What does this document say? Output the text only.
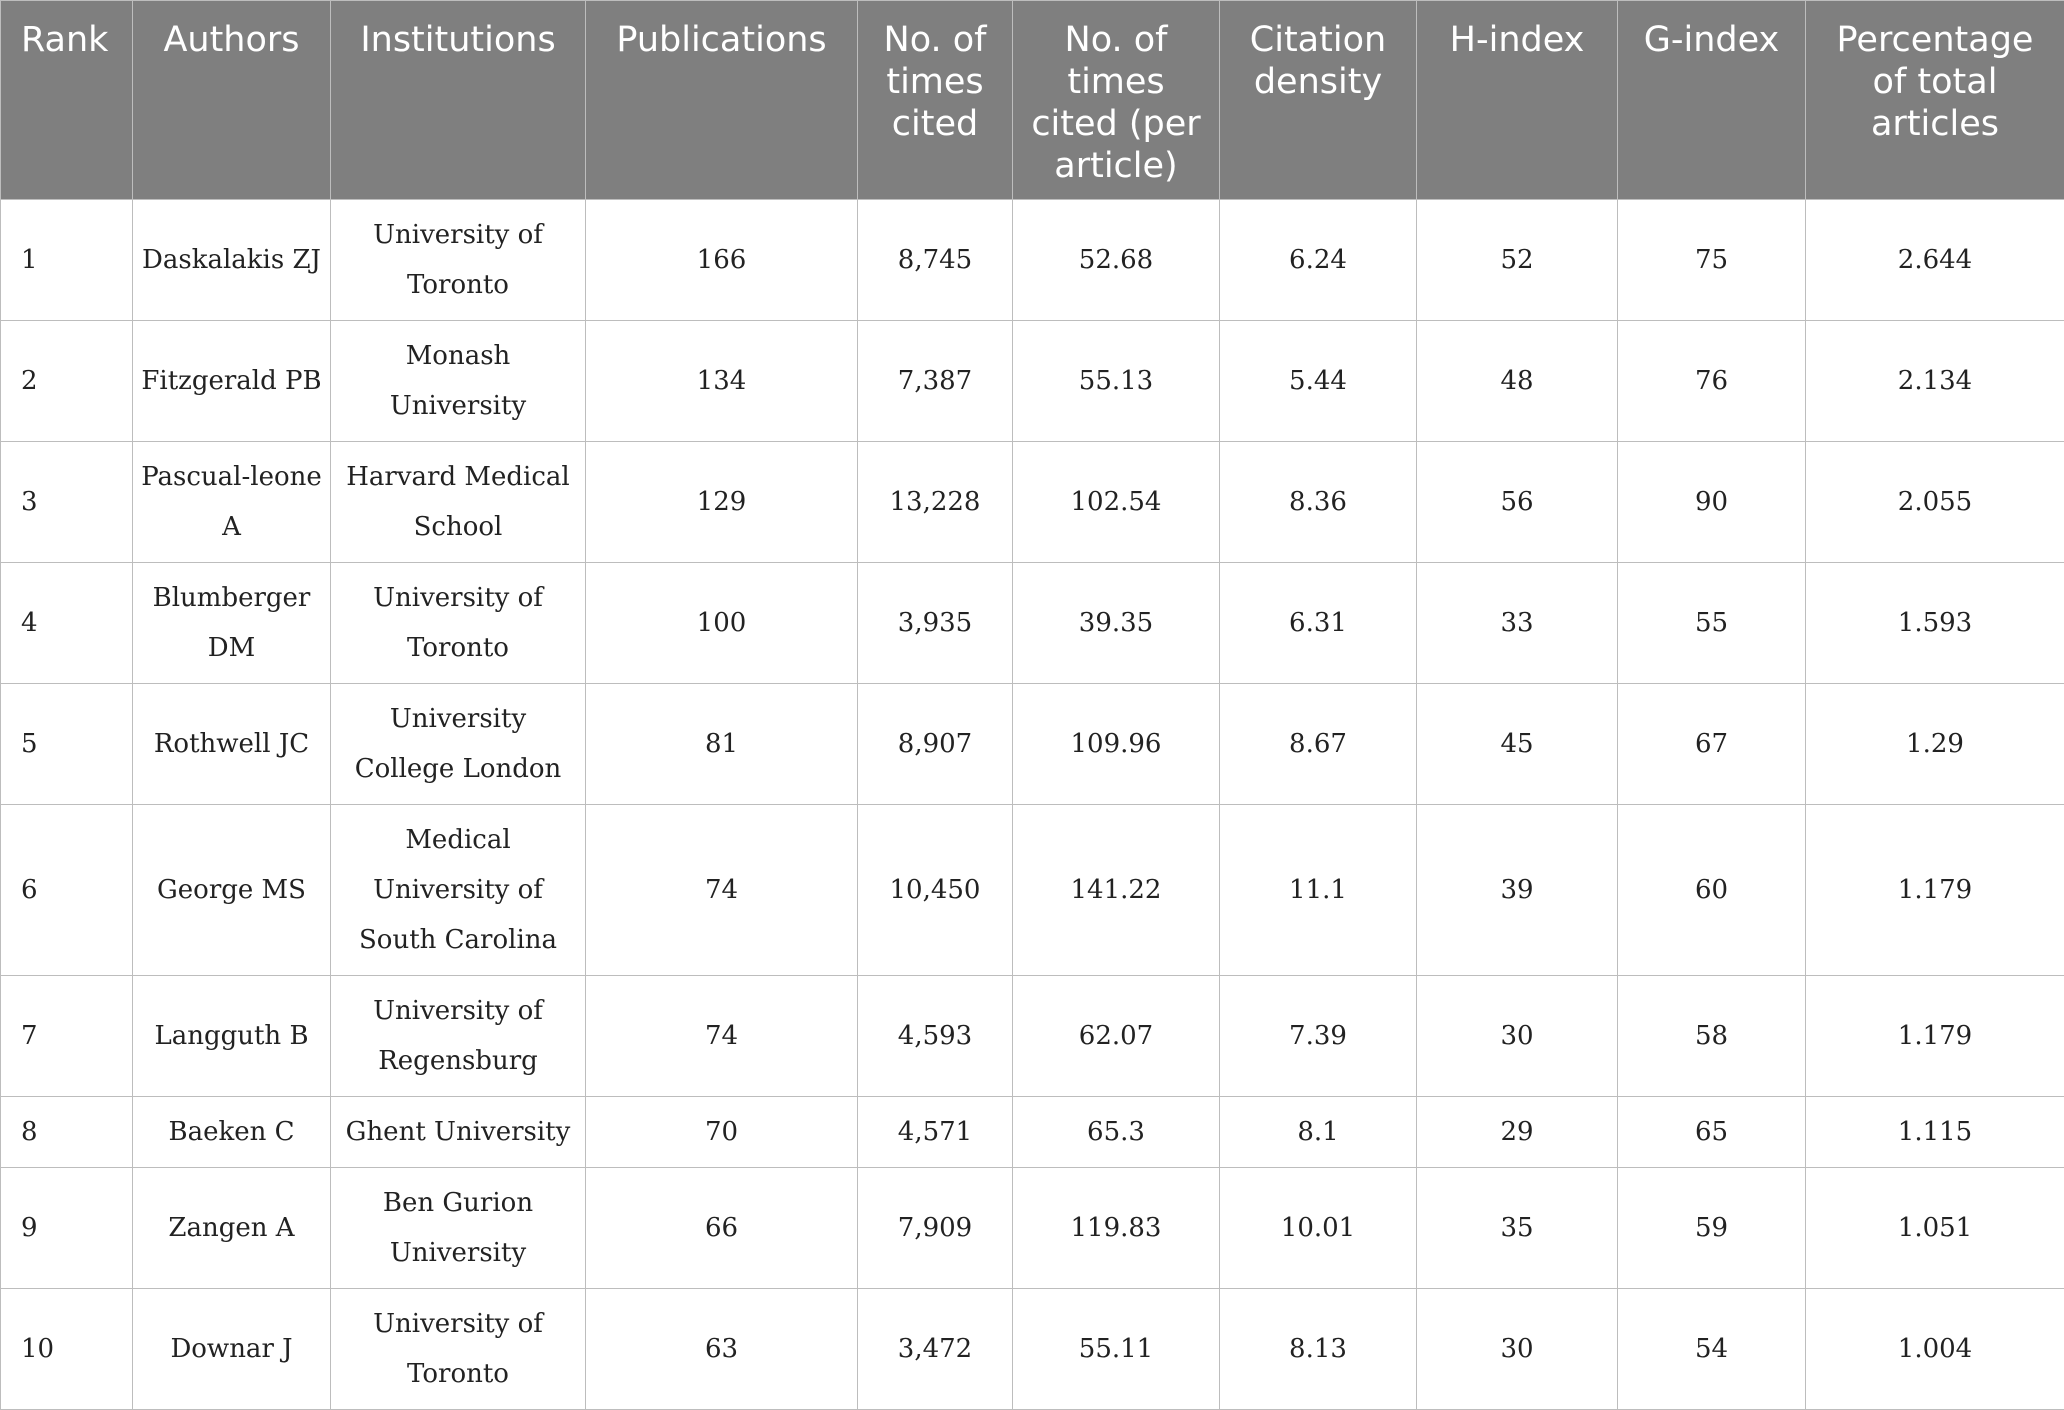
Rank	Authors	Institutions	Publications	No. of times cited	No. of times cited (per article)	Citation density	H-index	G-index	Percentage of total articles
1	Daskalakis ZJ	University of Toronto	166	8,745	52.68	6.24	52	75	2.644
2	Fitzgerald PB	Monash University	134	7,387	55.13	5.44	48	76	2.134
3	Pascual-leone A	Harvard Medical School	129	13,228	102.54	8.36	56	90	2.055
4	Blumberger DM	University of Toronto	100	3,935	39.35	6.31	33	55	1.593
5	Rothwell JC	University College London	81	8,907	109.96	8.67	45	67	1.29
6	George MS	Medical University of South Carolina	74	10,450	141.22	11.1	39	60	1.179
7	Langguth B	University of Regensburg	74	4,593	62.07	7.39	30	58	1.179
8	Baeken C	Ghent University	70	4,571	65.3	8.1	29	65	1.115
9	Zangen A	Ben Gurion University	66	7,909	119.83	10.01	35	59	1.051
10	Downar J	University of Toronto	63	3,472	55.11	8.13	30	54	1.004
